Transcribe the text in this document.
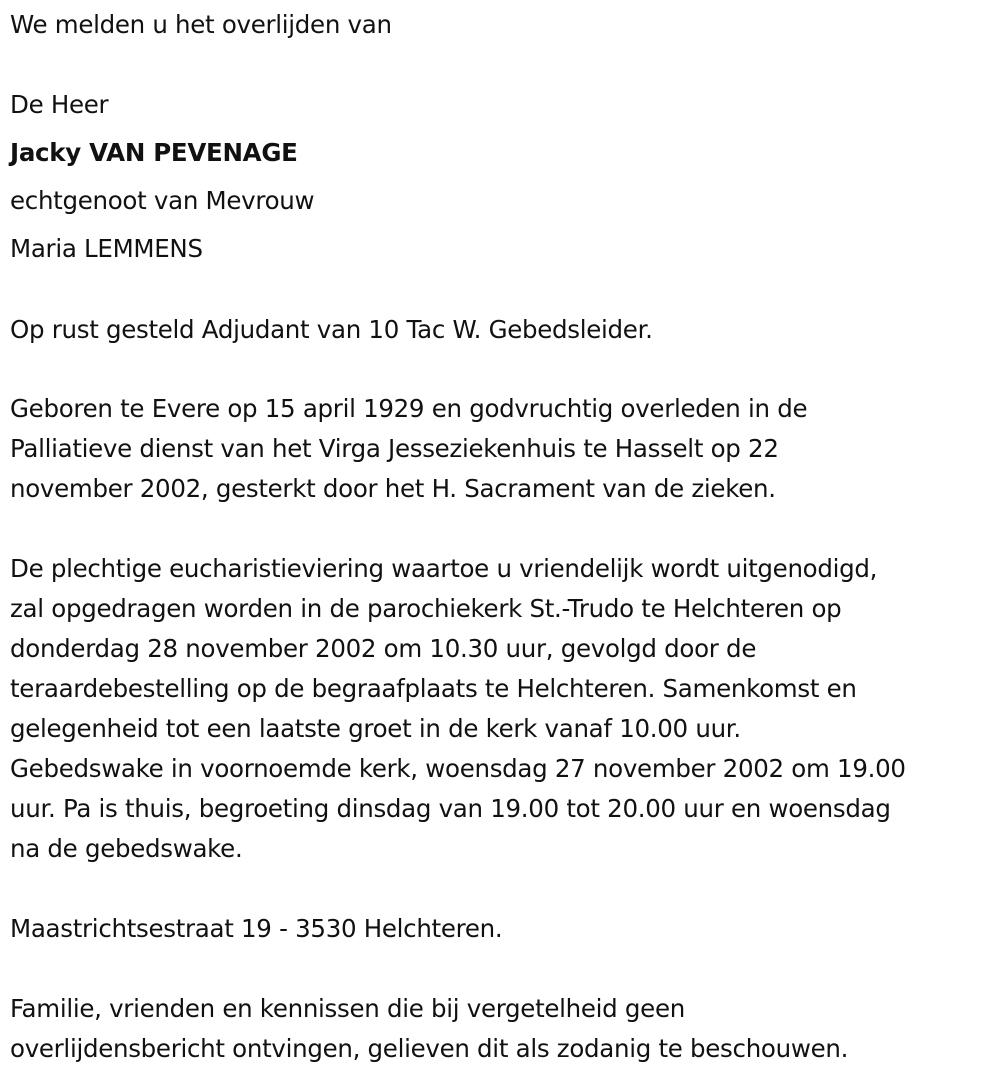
We melden u het overlijden van
De Heer
Jacky VAN PEVENAGE
echtgenoot van Mevrouw
Maria LEMMENS
Op rust gesteld Adjudant van 10 Tac W. Gebedsleider.
Geboren te Evere op 15 april 1929 en godvruchtig overleden in de
Palliatieve dienst van het Virga Jesseziekenhuis te Hasselt op 22
november 2002, gesterkt door het H. Sacrament van de zieken.
De plechtige eucharistieviering waartoe u vriendelijk wordt uitgenodigd,
zal opgedragen worden in de parochiekerk St.-Trudo te Helchteren op
donderdag 28 november 2002 om 10.30 uur, gevolgd door de
teraardebestelling op de begraafplaats te Helchteren. Samenkomst en
gelegenheid tot een laatste groet in de kerk vanaf 10.00 uur.
Gebedswake in voornoemde kerk, woensdag 27 november 2002 om 19.00
uur. Pa is thuis, begroeting dinsdag van 19.00 tot 20.00 uur en woensdag
na de gebedswake.
Maastrichtsestraat 19 - 3530 Helchteren.
Familie, vrienden en kennissen die bij vergetelheid geen
overlijdensbericht ontvingen, gelieven dit als zodanig te beschouwen.
